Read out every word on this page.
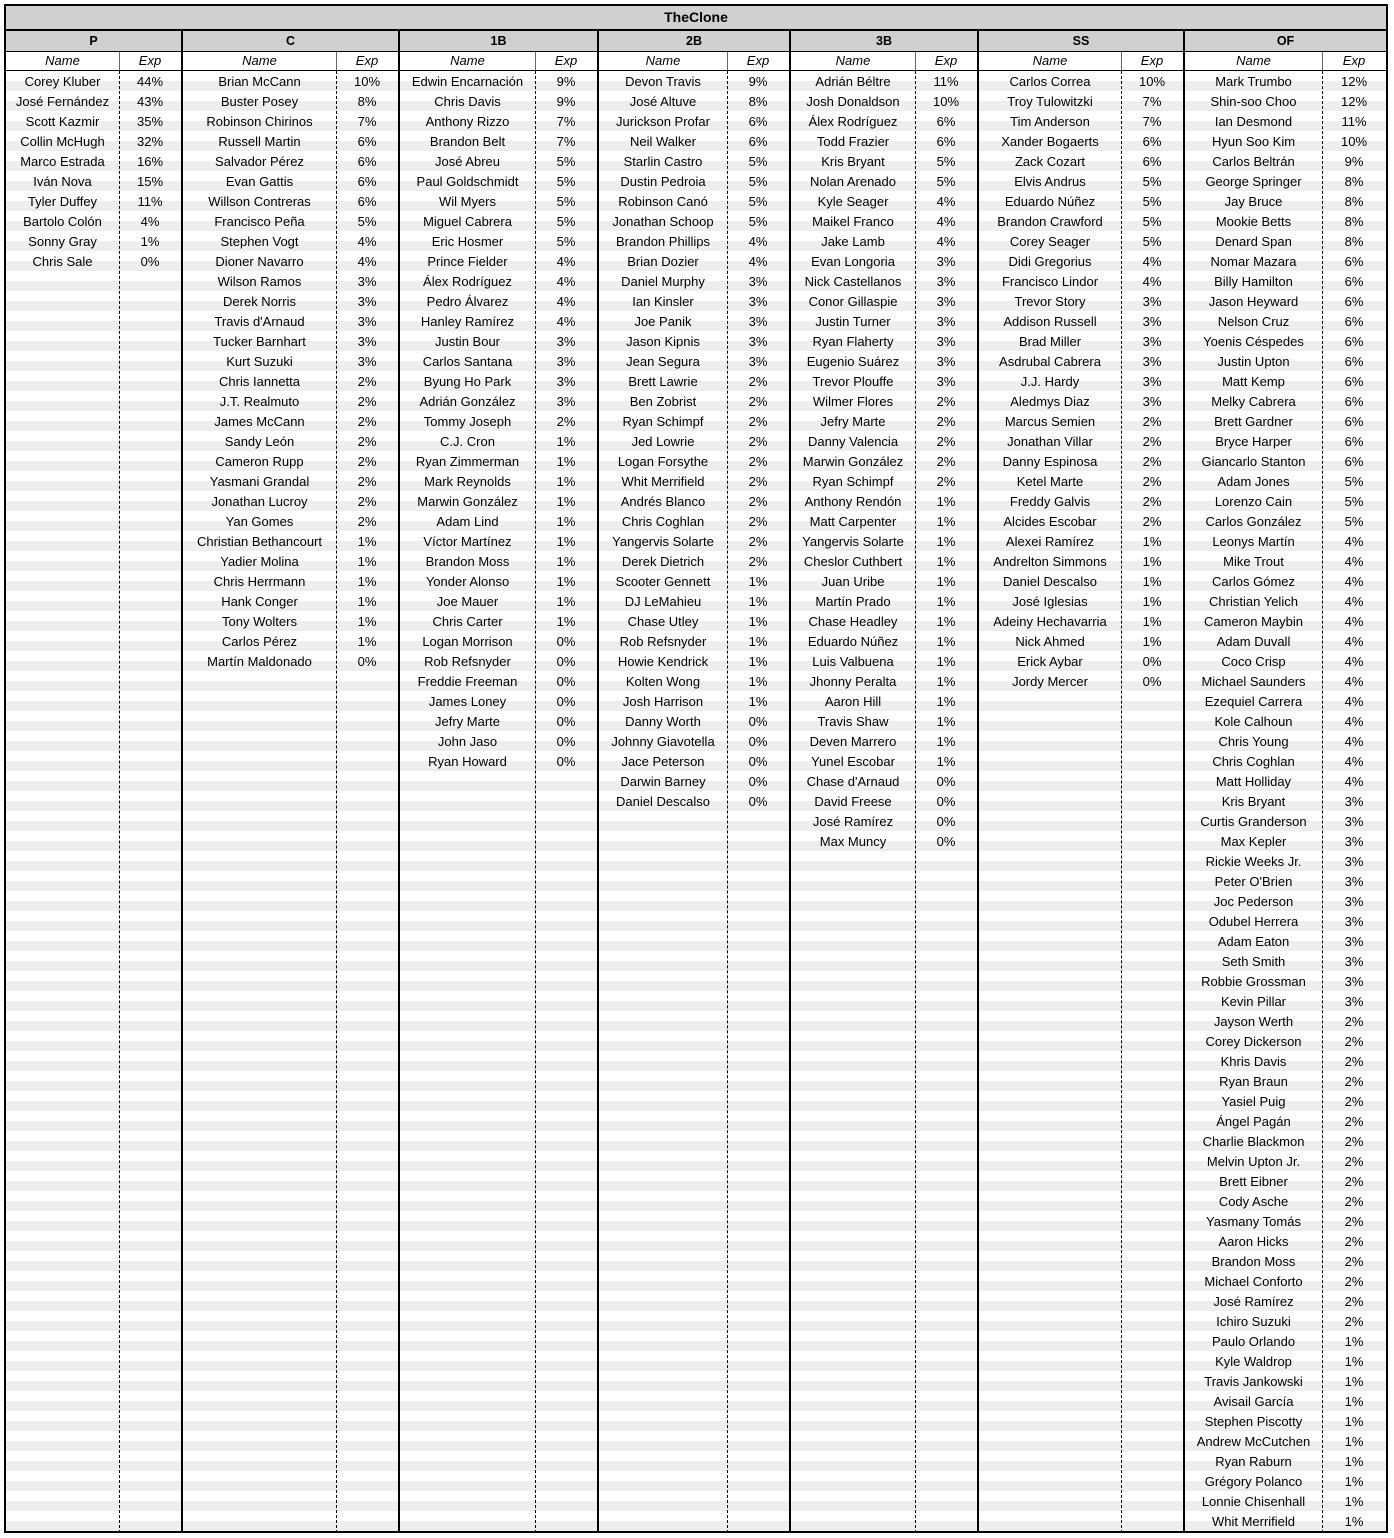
TheClone
P
Name	Exp
Corey Kluber	44%
José Fernández	43%
Scott Kazmir	35%
Collin McHugh	32%
Marco Estrada	16%
Iván Nova	15%
Tyler Duffey	11%
Bartolo Colón	4%
Sonny Gray	1%
Chris Sale	0%
C
Name	Exp
Brian McCann	10%
Buster Posey	8%
Robinson Chirinos	7%
Russell Martin	6%
Salvador Pérez	6%
Evan Gattis	6%
Willson Contreras	6%
Francisco Peña	5%
Stephen Vogt	4%
Dioner Navarro	4%
Wilson Ramos	3%
Derek Norris	3%
Travis d'Arnaud	3%
Tucker Barnhart	3%
Kurt Suzuki	3%
Chris Iannetta	2%
J.T. Realmuto	2%
James McCann	2%
Sandy León	2%
Cameron Rupp	2%
Yasmani Grandal	2%
Jonathan Lucroy	2%
Yan Gomes	2%
Christian Bethancourt	1%
Yadier Molina	1%
Chris Herrmann	1%
Hank Conger	1%
Tony Wolters	1%
Carlos Pérez	1%
Martín Maldonado	0%
1B
Name	Exp
Edwin Encarnación	9%
Chris Davis	9%
Anthony Rizzo	7%
Brandon Belt	7%
José Abreu	5%
Paul Goldschmidt	5%
Wil Myers	5%
Miguel Cabrera	5%
Eric Hosmer	5%
Prince Fielder	4%
Álex Rodríguez	4%
Pedro Álvarez	4%
Hanley Ramírez	4%
Justin Bour	3%
Carlos Santana	3%
Byung Ho Park	3%
Adrián González	3%
Tommy Joseph	2%
C.J. Cron	1%
Ryan Zimmerman	1%
Mark Reynolds	1%
Marwin González	1%
Adam Lind	1%
Víctor Martínez	1%
Brandon Moss	1%
Yonder Alonso	1%
Joe Mauer	1%
Chris Carter	1%
Logan Morrison	0%
Rob Refsnyder	0%
Freddie Freeman	0%
James Loney	0%
Jefry Marte	0%
John Jaso	0%
Ryan Howard	0%
2B
Name	Exp
Devon Travis	9%
José Altuve	8%
Jurickson Profar	6%
Neil Walker	6%
Starlin Castro	5%
Dustin Pedroia	5%
Robinson Canó	5%
Jonathan Schoop	5%
Brandon Phillips	4%
Brian Dozier	4%
Daniel Murphy	3%
Ian Kinsler	3%
Joe Panik	3%
Jason Kipnis	3%
Jean Segura	3%
Brett Lawrie	2%
Ben Zobrist	2%
Ryan Schimpf	2%
Jed Lowrie	2%
Logan Forsythe	2%
Whit Merrifield	2%
Andrés Blanco	2%
Chris Coghlan	2%
Yangervis Solarte	2%
Derek Dietrich	2%
Scooter Gennett	1%
DJ LeMahieu	1%
Chase Utley	1%
Rob Refsnyder	1%
Howie Kendrick	1%
Kolten Wong	1%
Josh Harrison	1%
Danny Worth	0%
Johnny Giavotella	0%
Jace Peterson	0%
Darwin Barney	0%
Daniel Descalso	0%
3B
Name	Exp
Adrián Béltre	11%
Josh Donaldson	10%
Álex Rodríguez	6%
Todd Frazier	6%
Kris Bryant	5%
Nolan Arenado	5%
Kyle Seager	4%
Maikel Franco	4%
Jake Lamb	4%
Evan Longoria	3%
Nick Castellanos	3%
Conor Gillaspie	3%
Justin Turner	3%
Ryan Flaherty	3%
Eugenio Suárez	3%
Trevor Plouffe	3%
Wilmer Flores	2%
Jefry Marte	2%
Danny Valencia	2%
Marwin González	2%
Ryan Schimpf	2%
Anthony Rendón	1%
Matt Carpenter	1%
Yangervis Solarte	1%
Cheslor Cuthbert	1%
Juan Uribe	1%
Martín Prado	1%
Chase Headley	1%
Eduardo Núñez	1%
Luis Valbuena	1%
Jhonny Peralta	1%
Aaron Hill	1%
Travis Shaw	1%
Deven Marrero	1%
Yunel Escobar	1%
Chase d'Arnaud	0%
David Freese	0%
José Ramírez	0%
Max Muncy	0%
SS
Name	Exp
Carlos Correa	10%
Troy Tulowitzki	7%
Tim Anderson	7%
Xander Bogaerts	6%
Zack Cozart	6%
Elvis Andrus	5%
Eduardo Núñez	5%
Brandon Crawford	5%
Corey Seager	5%
Didi Gregorius	4%
Francisco Lindor	4%
Trevor Story	3%
Addison Russell	3%
Brad Miller	3%
Asdrubal Cabrera	3%
J.J. Hardy	3%
Aledmys Diaz	3%
Marcus Semien	2%
Jonathan Villar	2%
Danny Espinosa	2%
Ketel Marte	2%
Freddy Galvis	2%
Alcides Escobar	2%
Alexei Ramírez	1%
Andrelton Simmons	1%
Daniel Descalso	1%
José Iglesias	1%
Adeiny Hechavarria	1%
Nick Ahmed	1%
Erick Aybar	0%
Jordy Mercer	0%
OF
Name	Exp
Mark Trumbo	12%
Shin-soo Choo	12%
Ian Desmond	11%
Hyun Soo Kim	10%
Carlos Beltrán	9%
George Springer	8%
Jay Bruce	8%
Mookie Betts	8%
Denard Span	8%
Nomar Mazara	6%
Billy Hamilton	6%
Jason Heyward	6%
Nelson Cruz	6%
Yoenis Céspedes	6%
Justin Upton	6%
Matt Kemp	6%
Melky Cabrera	6%
Brett Gardner	6%
Bryce Harper	6%
Giancarlo Stanton	6%
Adam Jones	5%
Lorenzo Cain	5%
Carlos González	5%
Leonys Martín	4%
Mike Trout	4%
Carlos Gómez	4%
Christian Yelich	4%
Cameron Maybin	4%
Adam Duvall	4%
Coco Crisp	4%
Michael Saunders	4%
Ezequiel Carrera	4%
Kole Calhoun	4%
Chris Young	4%
Chris Coghlan	4%
Matt Holliday	4%
Kris Bryant	3%
Curtis Granderson	3%
Max Kepler	3%
Rickie Weeks Jr.	3%
Peter O'Brien	3%
Joc Pederson	3%
Odubel Herrera	3%
Adam Eaton	3%
Seth Smith	3%
Robbie Grossman	3%
Kevin Pillar	3%
Jayson Werth	2%
Corey Dickerson	2%
Khris Davis	2%
Ryan Braun	2%
Yasiel Puig	2%
Ángel Pagán	2%
Charlie Blackmon	2%
Melvin Upton Jr.	2%
Brett Eibner	2%
Cody Asche	2%
Yasmany Tomás	2%
Aaron Hicks	2%
Brandon Moss	2%
Michael Conforto	2%
José Ramírez	2%
Ichiro Suzuki	2%
Paulo Orlando	1%
Kyle Waldrop	1%
Travis Jankowski	1%
Avisail García	1%
Stephen Piscotty	1%
Andrew McCutchen	1%
Ryan Raburn	1%
Grégory Polanco	1%
Lonnie Chisenhall	1%
Whit Merrifield	1%
